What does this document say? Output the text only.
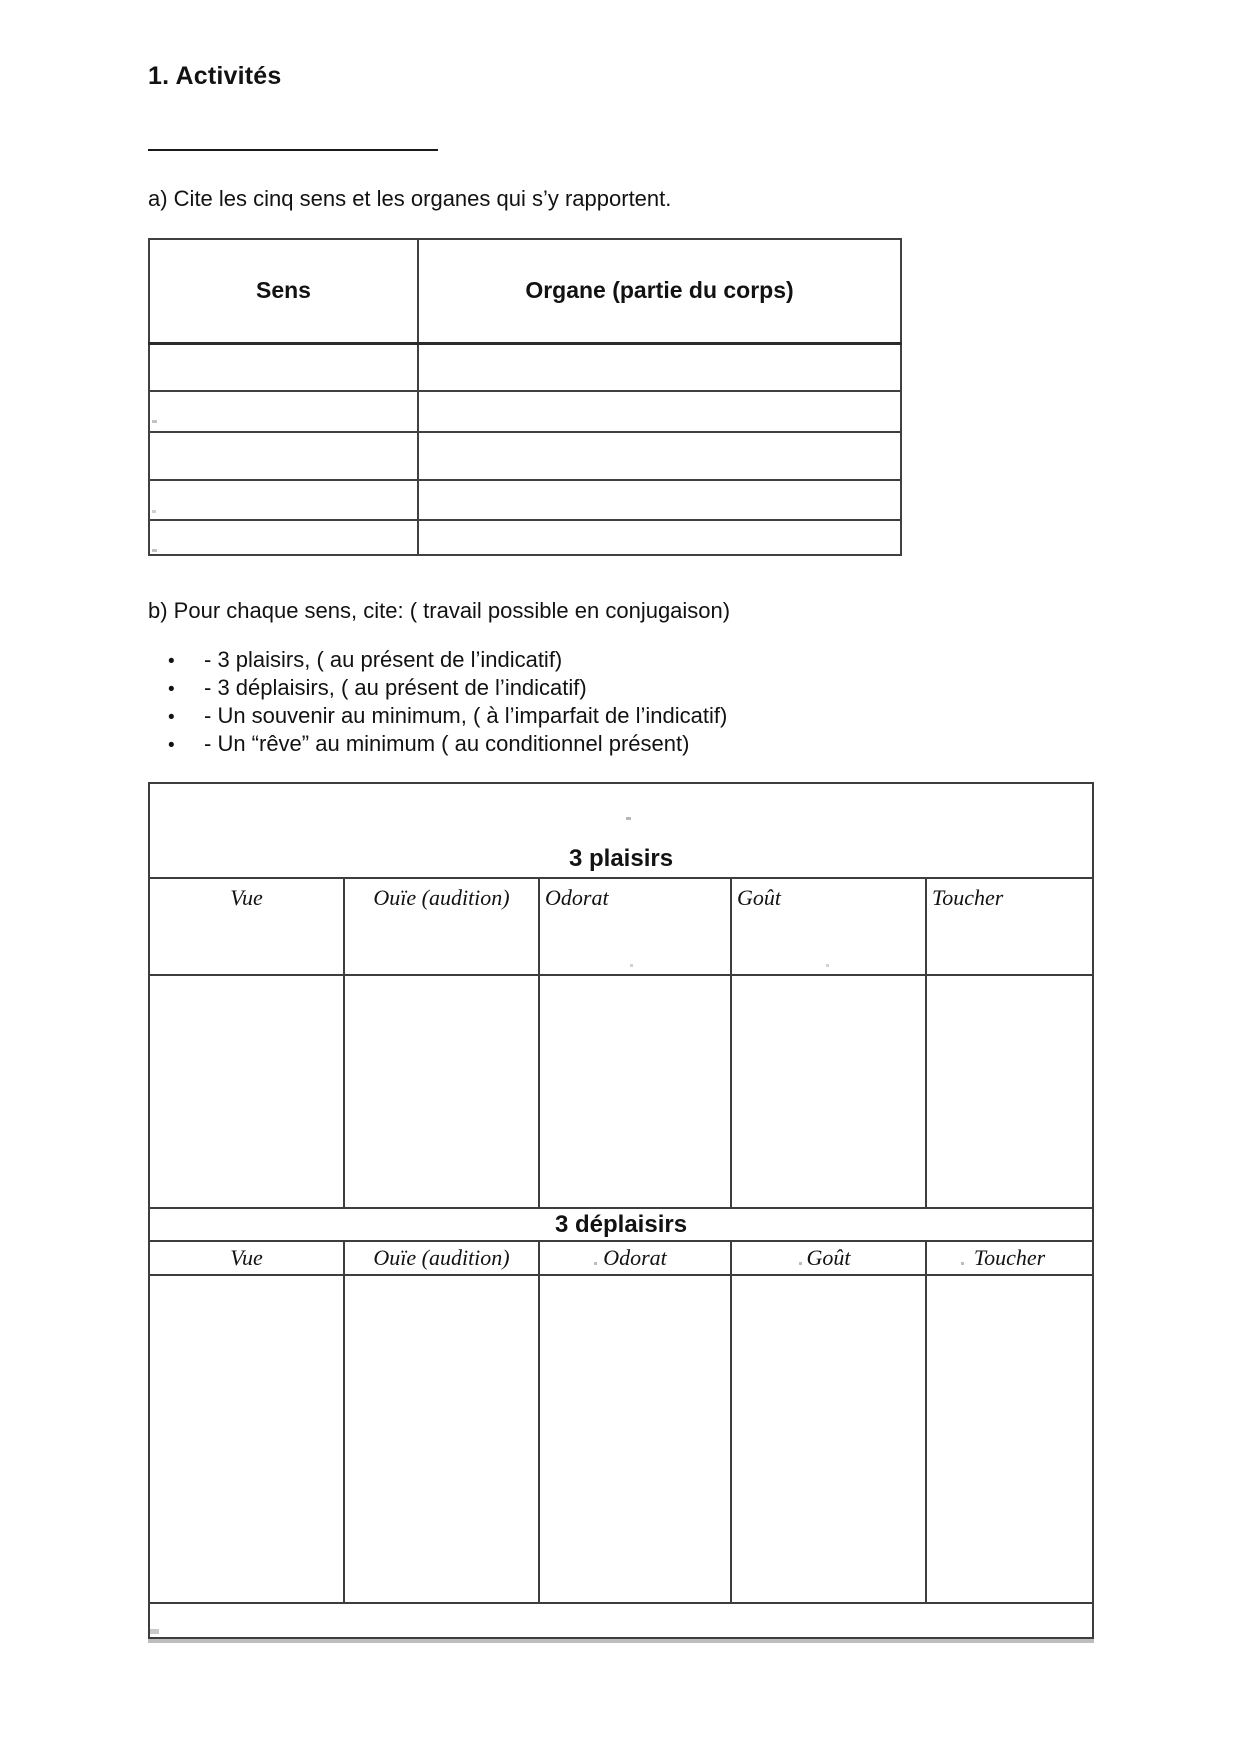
1. Activités
a) Cite les cinq sens et les organes qui s’y rapportent.
Sens	Organe (partie du corps)

b) Pour chaque sens, cite: ( travail possible en conjugaison)
•	- 3 plaisirs, ( au présent de l’indicatif)
•	- 3 déplaisirs, ( au présent de l’indicatif)
•	- Un souvenir au minimum, ( à l’imparfait de l’indicatif)
•	- Un “rêve” au minimum ( au conditionnel présent)
3 plaisirs				
Vue	Ouïe (audition)	Odorat	Goût	Toucher

3 déplaisirs				
Vue	Ouïe (audition)	Odorat	Goût	Toucher
